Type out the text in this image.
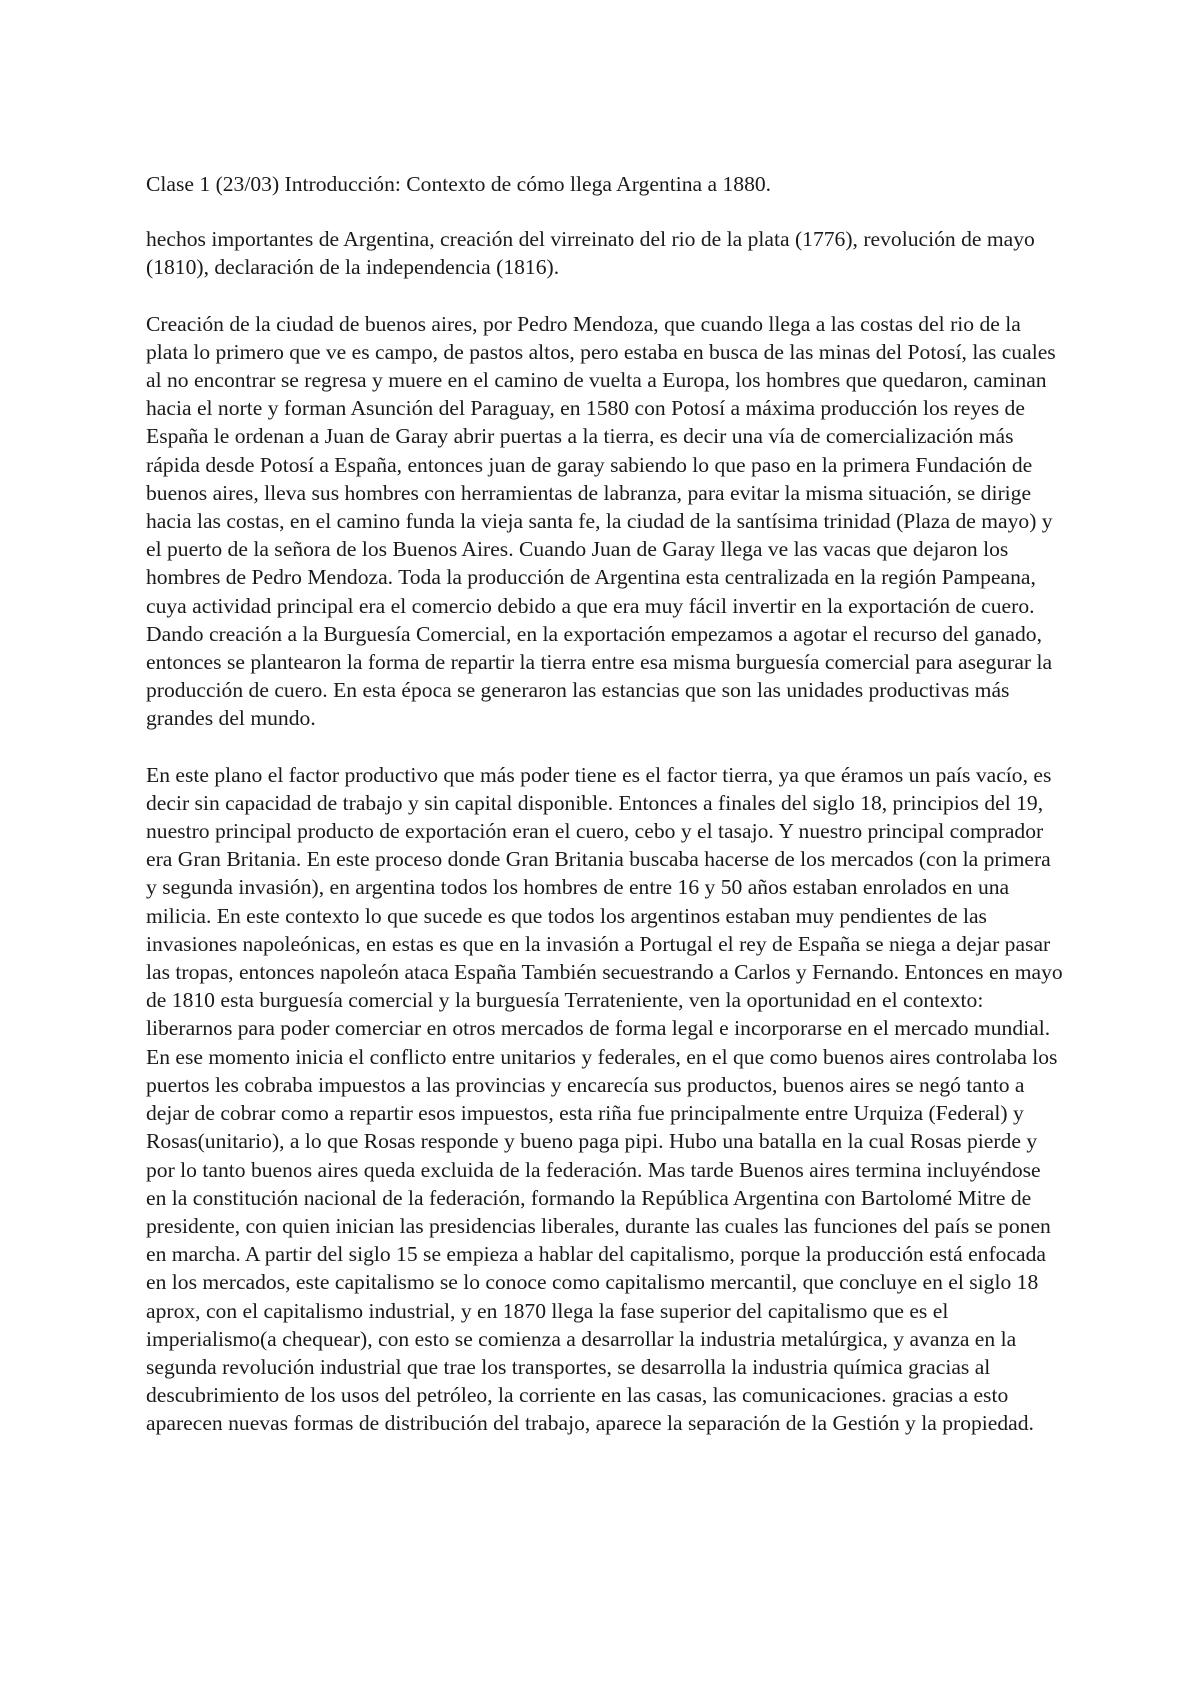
Clase 1 (23/03) Introducción: Contexto de cómo llega Argentina a 1880.

hechos importantes de Argentina, creación del virreinato del rio de la plata (1776), revolución de mayo (1810), declaración de la independencia (1816).

Creación de la ciudad de buenos aires, por Pedro Mendoza, que cuando llega a las costas del rio de la plata lo primero que ve es campo, de pastos altos, pero estaba en busca de las minas del Potosí, las cuales al no encontrar se regresa y muere en el camino de vuelta a Europa, los hombres que quedaron, caminan hacia el norte y forman Asunción del Paraguay, en 1580 con Potosí a máxima producción los reyes de España le ordenan a Juan de Garay abrir puertas a la tierra, es decir una vía de comercialización más rápida desde Potosí a España, entonces juan de garay sabiendo lo que paso en la primera Fundación de buenos aires, lleva sus hombres con herramientas de labranza, para evitar la misma situación, se dirige hacia las costas, en el camino funda la vieja santa fe, la ciudad de la santísima trinidad (Plaza de mayo) y el puerto de la señora de los Buenos Aires. Cuando Juan de Garay llega ve las vacas que dejaron los hombres de Pedro Mendoza. Toda la producción de Argentina esta centralizada en la región Pampeana, cuya actividad principal era el comercio debido a que era muy fácil invertir en la exportación de cuero. Dando creación a la Burguesía Comercial, en la exportación empezamos a agotar el recurso del ganado, entonces se plantearon la forma de repartir la tierra entre esa misma burguesía comercial para asegurar la producción de cuero. En esta época se generaron las estancias que son las unidades productivas más grandes del mundo.

En este plano el factor productivo que más poder tiene es el factor tierra, ya que éramos un país vacío, es decir sin capacidad de trabajo y sin capital disponible. Entonces a finales del siglo 18, principios del 19, nuestro principal producto de exportación eran el cuero, cebo y el tasajo. Y nuestro principal comprador era Gran Britania. En este proceso donde Gran Britania buscaba hacerse de los mercados (con la primera y segunda invasión), en argentina todos los hombres de entre 16 y 50 años estaban enrolados en una milicia. En este contexto lo que sucede es que todos los argentinos estaban muy pendientes de las invasiones napoleónicas, en estas es que en la invasión a Portugal el rey de España se niega a dejar pasar las tropas, entonces napoleón ataca España También secuestrando a Carlos y Fernando. Entonces en mayo de 1810 esta burguesía comercial y la burguesía Terrateniente, ven la oportunidad en el contexto: liberarnos para poder comerciar en otros mercados de forma legal e incorporarse en el mercado mundial. En ese momento inicia el conflicto entre unitarios y federales, en el que como buenos aires controlaba los puertos les cobraba impuestos a las provincias y encarecía sus productos, buenos aires se negó tanto a dejar de cobrar como a repartir esos impuestos, esta riña fue principalmente entre Urquiza (Federal) y Rosas(unitario), a lo que Rosas responde y bueno paga pipi. Hubo una batalla en la cual Rosas pierde y por lo tanto buenos aires queda excluida de la federación. Mas tarde Buenos aires termina incluyéndose en la constitución nacional de la federación, formando la República Argentina con Bartolomé Mitre de presidente, con quien inician las presidencias liberales, durante las cuales las funciones del país se ponen en marcha. A partir del siglo 15 se empieza a hablar del capitalismo, porque la producción está enfocada en los mercados, este capitalismo se lo conoce como capitalismo mercantil, que concluye en el siglo 18 aprox, con el capitalismo industrial, y en 1870 llega la fase superior del capitalismo que es el imperialismo(a chequear), con esto se comienza a desarrollar la industria metalúrgica, y avanza en la segunda revolución industrial que trae los transportes, se desarrolla la industria química gracias al descubrimiento de los usos del petróleo, la corriente en las casas, las comunicaciones. gracias a esto aparecen nuevas formas de distribución del trabajo, aparece la separación de la Gestión y la propiedad.
